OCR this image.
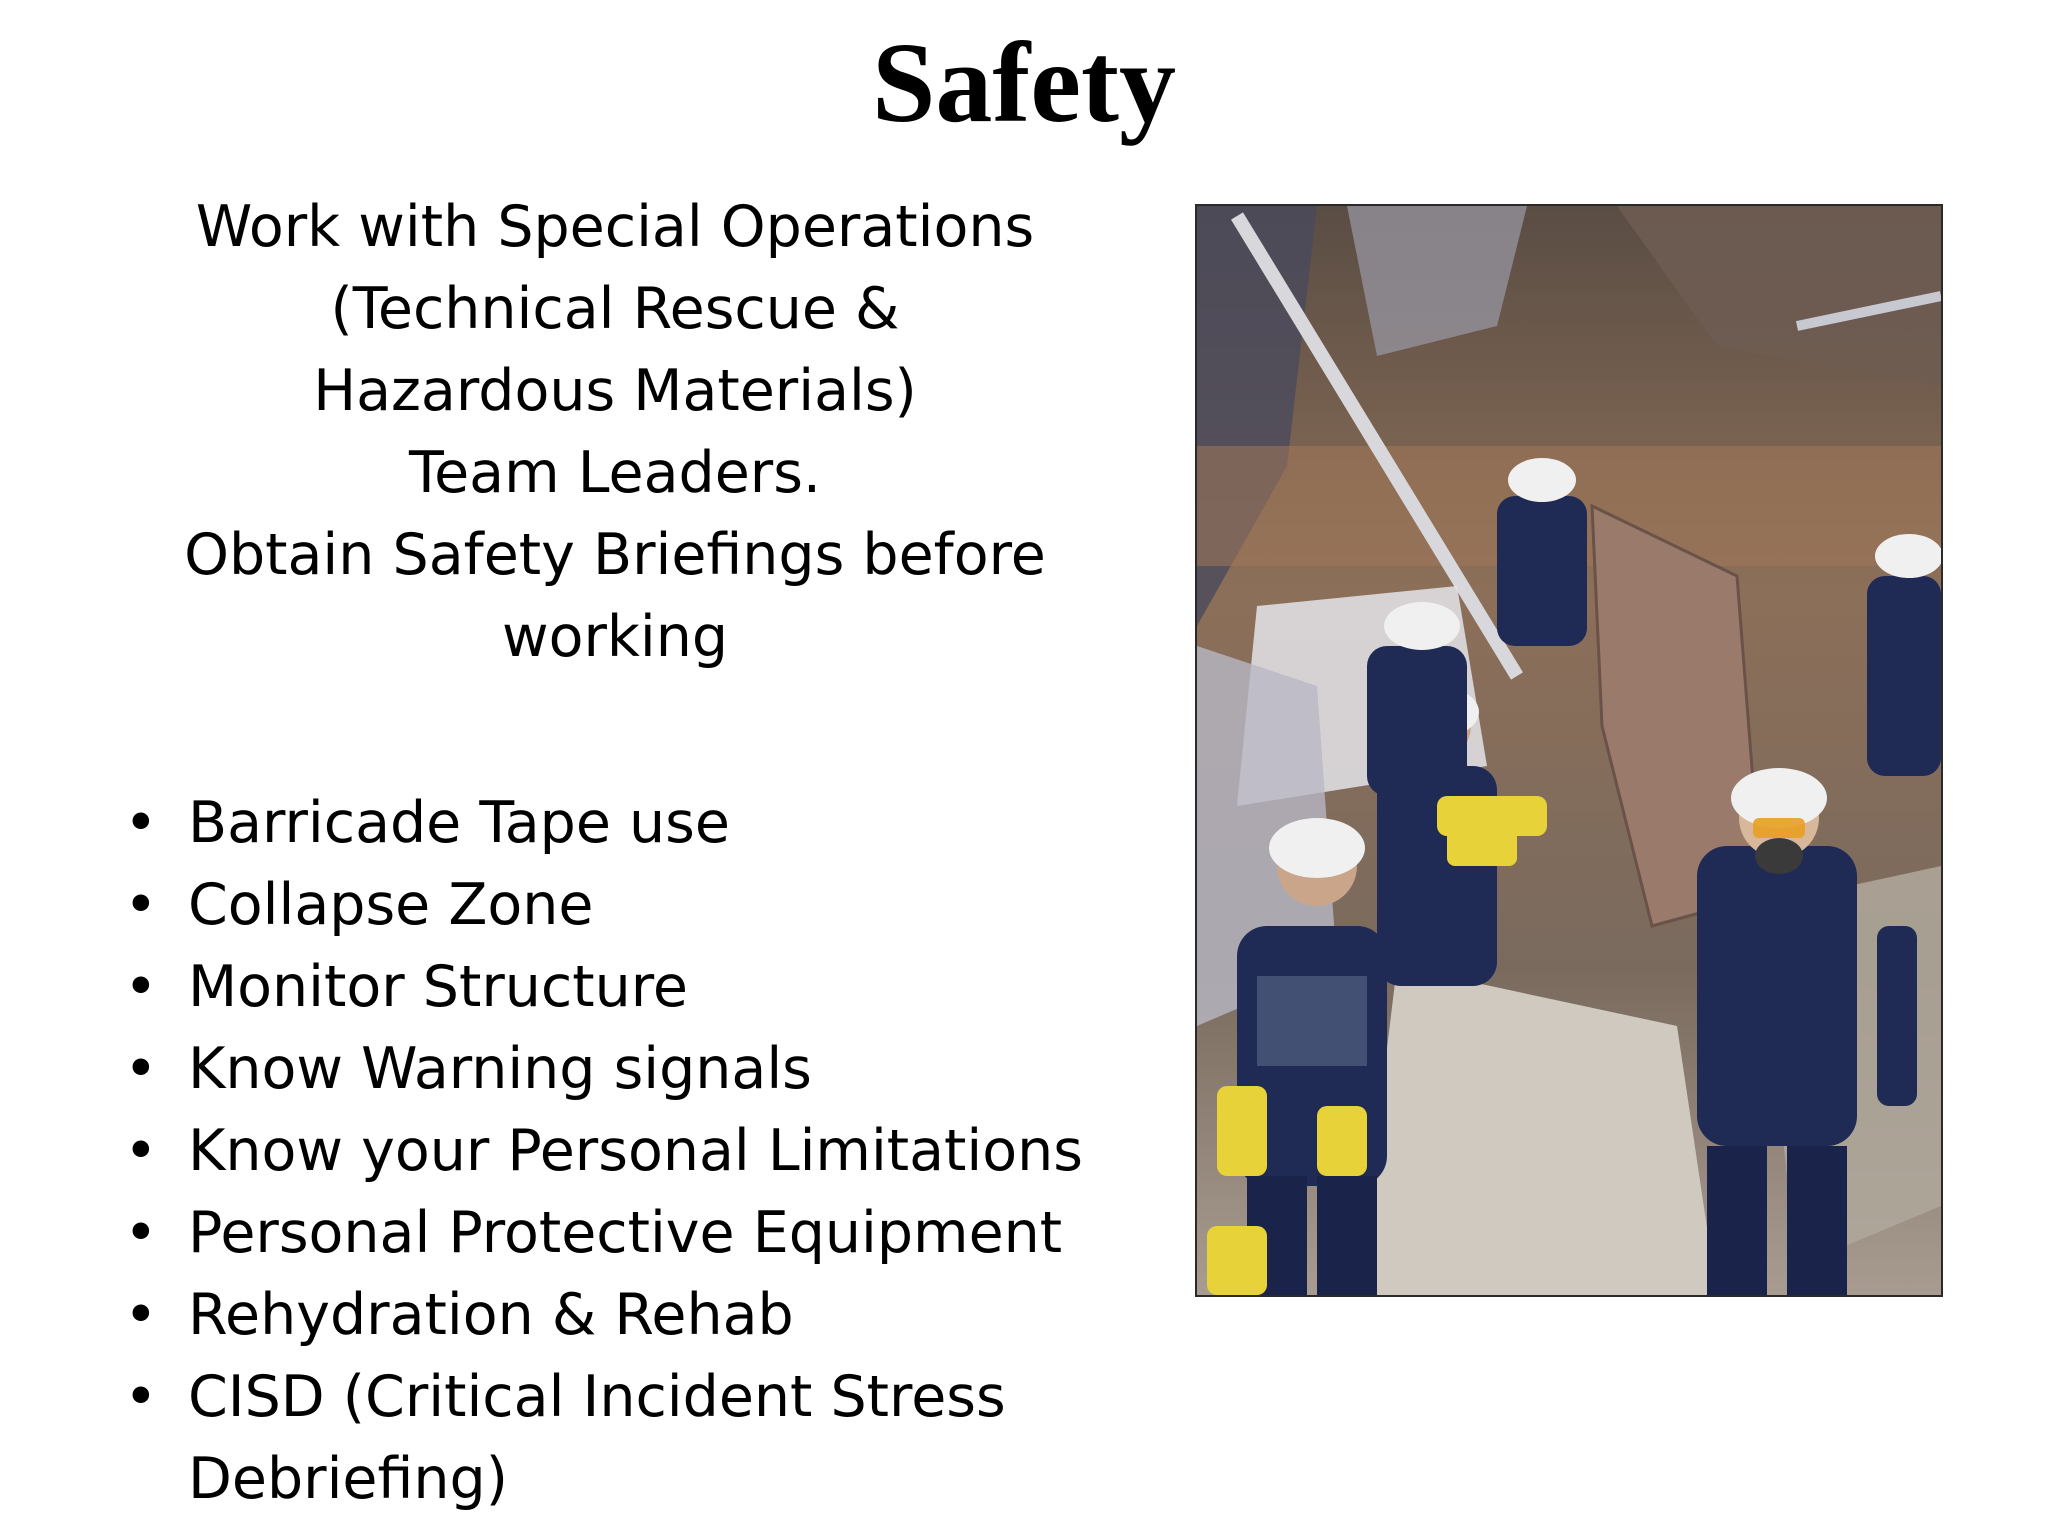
Safety
Work with Special Operations
(Technical Rescue &
Hazardous Materials)
Team Leaders.
Obtain Safety Briefings before
working
• Barricade Tape use
• Collapse Zone
• Monitor Structure
• Know Warning signals
• Know your Personal Limitations
• Personal Protective Equipment
• Rehydration & Rehab
• CISD (Critical Incident Stress Debriefing)
